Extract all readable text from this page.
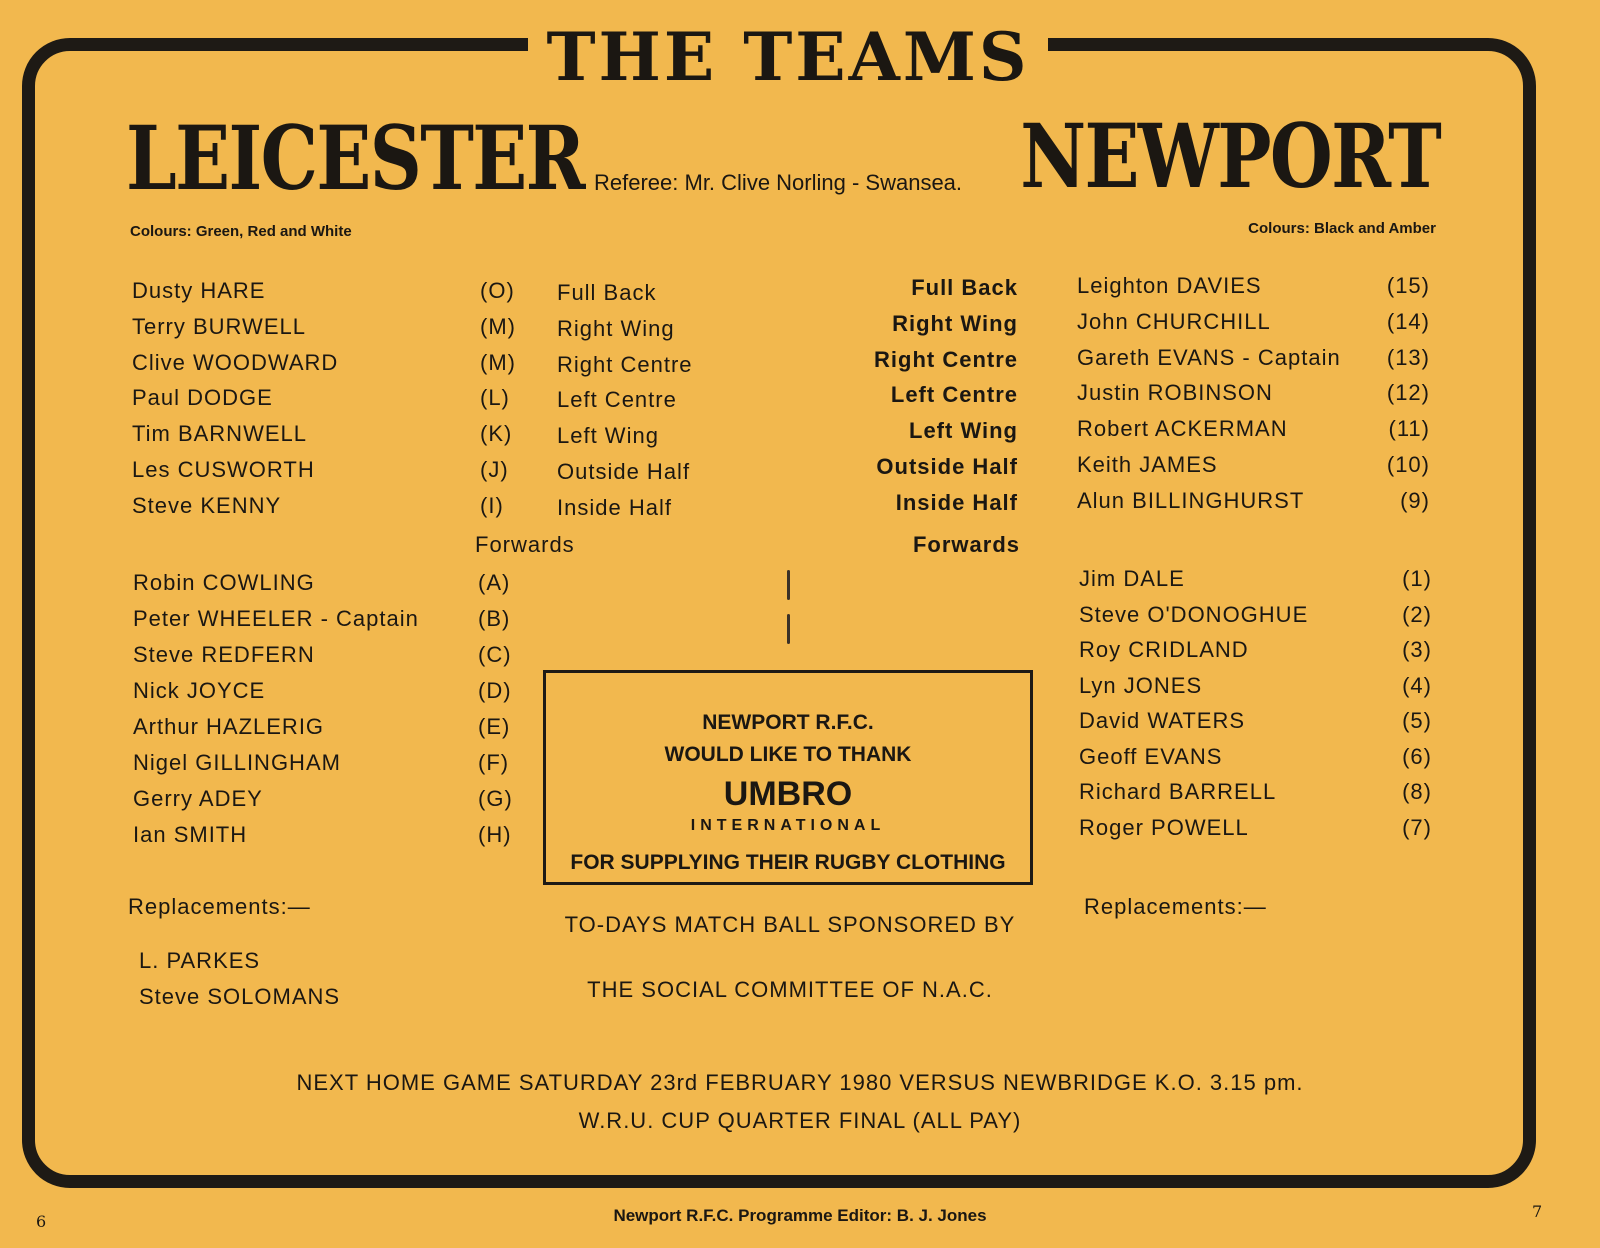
THE TEAMS
LEICESTER	NEWPORT
Referee: Mr. Clive Norling - Swansea.
Colours: Green, Red and White	Colours: Black and Amber
Dusty HARE	(O) Full Back
Terry BURWELL	(M) Right Wing
Clive WOODWARD	(M) Right Centre
Paul DODGE	(L) Left Centre
Tim BARNWELL	(K) Left Wing
Les CUSWORTH	(J) Outside Half
Steve KENNY	(I) Inside Half
Full Back	Leighton DAVIES	(15)
Right Wing	John CHURCHILL	(14)
Right Centre	Gareth EVANS - Captain (13)
Left Centre	Justin ROBINSON	(12)
Left Wing	Robert ACKERMAN	(11)
Outside Half	Keith JAMES	(10)
Inside Half	Alun BILLINGHURST	(9)
Forwards	Forwards
Robin COWLING	(A)
Peter WHEELER - Captain	(B)
Steve REDFERN	(C)
Nick JOYCE	(D)
Arthur HAZLERIG	(E)
Nigel GILLINGHAM	(F)
Gerry ADEY	(G)
Ian SMITH	(H)
Jim DALE	(1)
Steve O'DONOGHUE	(2)
Roy CRIDLAND	(3)
Lyn JONES	(4)
David WATERS	(5)
Geoff EVANS	(6)
Richard BARRELL	(8)
Roger POWELL	(7)
Replacements:—	Replacements:—
L. PARKES
Steve SOLOMANS
NEWPORT R.F.C.
WOULD LIKE TO THANK
UMBRO
INTERNATIONAL
FOR SUPPLYING THEIR RUGBY CLOTHING
TO-DAYS MATCH BALL SPONSORED BY
THE SOCIAL COMMITTEE OF N.A.C.
NEXT HOME GAME SATURDAY 23rd FEBRUARY 1980 VERSUS NEWBRIDGE K.O. 3.15 pm.
W.R.U. CUP QUARTER FINAL (ALL PAY)
6
7
Newport R.F.C. Programme Editor: B. J. Jones
